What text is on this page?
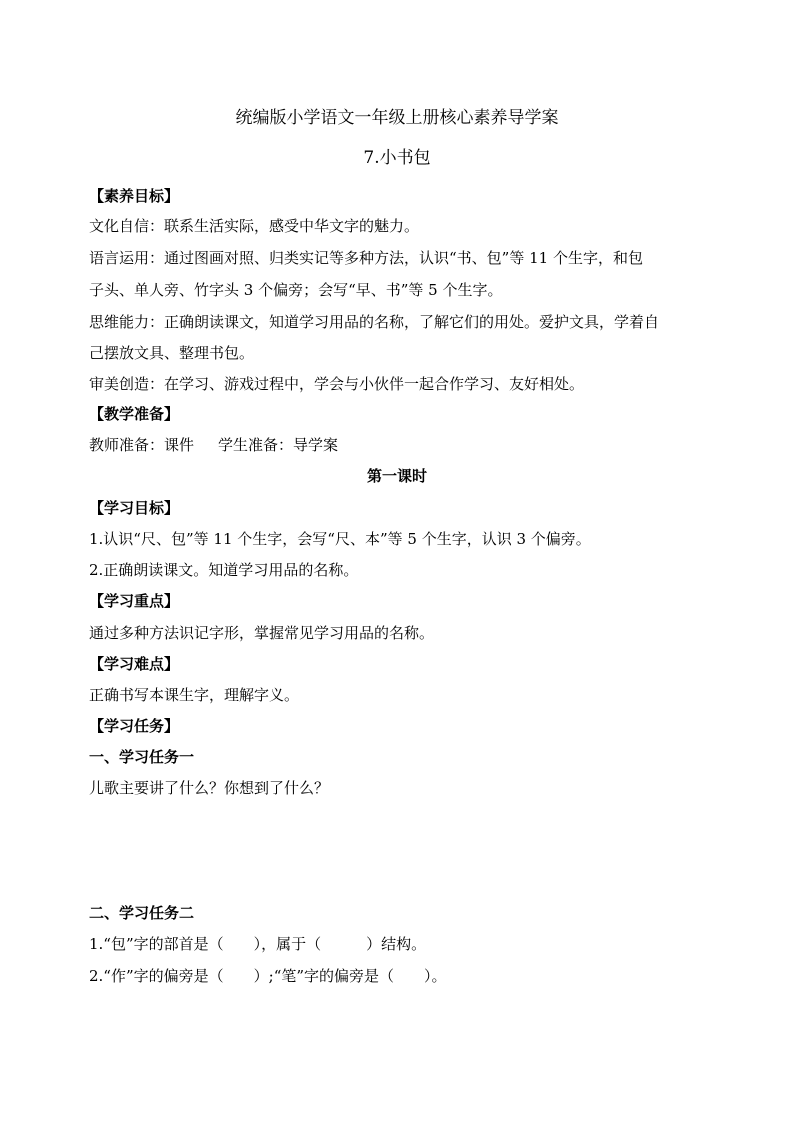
统编版小学语文一年级上册核心素养导学案
7.小书包
【素养目标】
文化自信：联系生活实际，感受中华文字的魅力。
语言运用：通过图画对照、归类实记等多种方法，认识“书、包”等 11 个生字，和包
子头、单人旁、竹字头 3 个偏旁；会写“早、书”等 5 个生字。
思维能力：正确朗读课文，知道学习用品的名称，了解它们的用处。爱护文具，学着自
己摆放文具、整理书包。
审美创造：在学习、游戏过程中，学会与小伙伴一起合作学习、友好相处。
【教学准备】
教师准备：课件 学生准备：导学案
第一课时
【学习目标】
1.认识“尺、包”等 11 个生字，会写“尺、本”等 5 个生字，认识 3 个偏旁。
2.正确朗读课文。知道学习用品的名称。
【学习重点】
通过多种方法识记字形，掌握常见学习用品的名称。
【学习难点】
正确书写本课生字，理解字义。
【学习任务】
一、学习任务一
儿歌主要讲了什么？你想到了什么？
二、学习任务二
1.“包”字的部首是（　　），属于（　　　）结构。
2.“作”字的偏旁是（　　）;“笔”字的偏旁是（　　）。
